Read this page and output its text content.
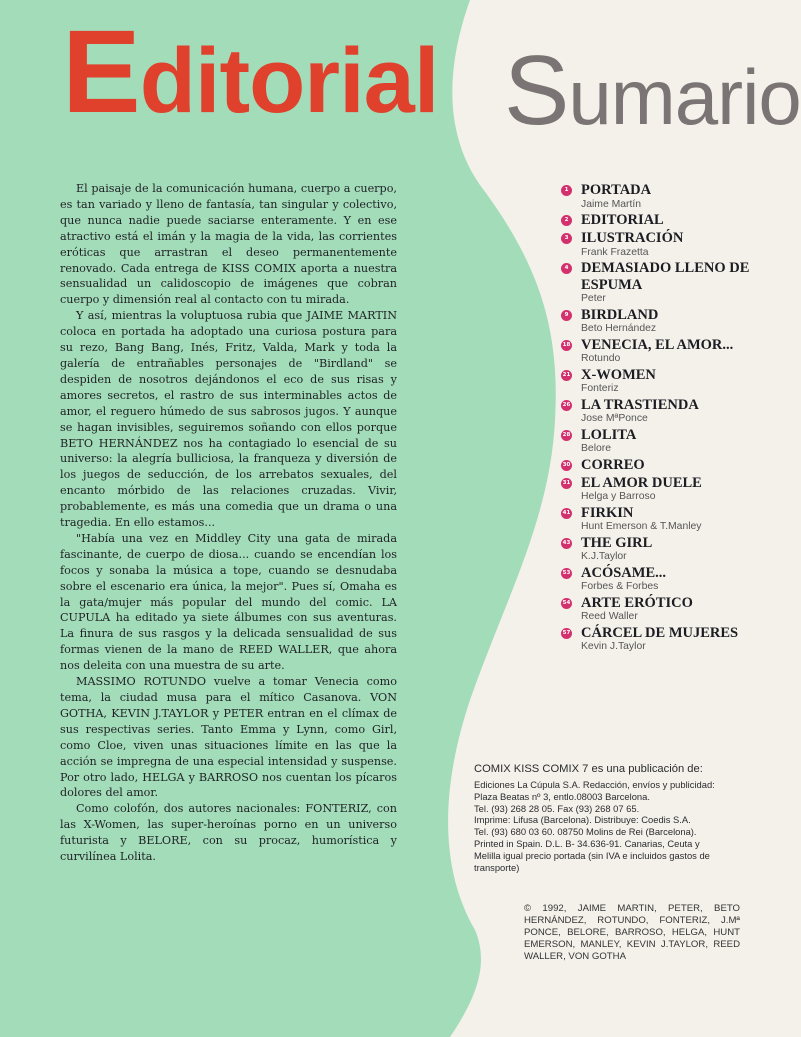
Editorial Sumario

El paisaje de la comunicación humana, cuerpo a cuerpo, es tan variado y lleno de fantasía, tan singular y colectivo, que nunca nadie puede saciarse enteramente. Y en ese atractivo está el imán y la magia de la vida, las corrientes eróticas que arrastran el deseo permanentemente renovado. Cada entrega de KISS COMIX aporta a nuestra sensualidad un calidoscopio de imágenes que cobran cuerpo y dimensión real al contacto con tu mirada.

Y así, mientras la voluptuosa rubia que JAIME MARTIN coloca en portada ha adoptado una curiosa postura para su rezo, Bang Bang, Inés, Fritz, Valda, Mark y toda la galería de entrañables personajes de "Birdland" se despiden de nosotros dejándonos el eco de sus risas y amores secretos, el rastro de sus interminables actos de amor, el reguero húmedo de sus sabrosos jugos. Y aunque se hagan invisibles, seguiremos soñando con ellos porque BETO HERNÁNDEZ nos ha contagiado lo esencial de su universo: la alegría bulliciosa, la franqueza y diversión de los juegos de seducción, de los arrebatos sexuales, del encanto mórbido de las relaciones cruzadas. Vivir, probablemente, es más una comedia que un drama o una tragedia. En ello estamos...

"Había una vez en Middley City una gata de mirada fascinante, de cuerpo de diosa... cuando se encendían los focos y sonaba la música a tope, cuando se desnudaba sobre el escenario era única, la mejor". Pues sí, Omaha es la gata/mujer más popular del mundo del comic. LA CUPULA ha editado ya siete álbumes con sus aventuras. La finura de sus rasgos y la delicada sensualidad de sus formas vienen de la mano de REED WALLER, que ahora nos deleita con una muestra de su arte.

MASSIMO ROTUNDO vuelve a tomar Venecia como tema, la ciudad musa para el mítico Casanova. VON GOTHA, KEVIN J.TAYLOR y PETER entran en el clímax de sus respectivas series. Tanto Emma y Lynn, como Girl, como Cloe, viven unas situaciones límite en las que la acción se impregna de una especial intensidad y suspense. Por otro lado, HELGA y BARROSO nos cuentan los pícaros dolores del amor.

Como colofón, dos autores nacionales: FONTERIZ, con las X-Women, las super-heroínas porno en un universo futurista y BELORE, con su procaz, humorística y curvilínea Lolita.

1 PORTADA
Jaime Martín
2 EDITORIAL
3 ILUSTRACIÓN
Frank Frazetta
4 DEMASIADO LLENO DE ESPUMA
Peter
9 BIRDLAND
Beto Hernández
18 VENECIA, EL AMOR...
Rotundo
21 X-WOMEN
Fonteriz
26 LA TRASTIENDA
Jose MªPonce
28 LOLITA
Belore
30 CORREO
31 EL AMOR DUELE
Helga y Barroso
41 FIRKIN
Hunt Emerson & T.Manley
43 THE GIRL
K.J.Taylor
53 ACÓSAME...
Forbes & Forbes
54 ARTE ERÓTICO
Reed Waller
57 CÁRCEL DE MUJERES
Kevin J.Taylor
COMIX KISS COMIX 7 es una publicación de:
Ediciones La Cúpula S.A. Redacción, envíos y publicidad:
Plaza Beatas nº 3, entlo.08003 Barcelona.
Tel. (93) 268 28 05. Fax (93) 268 07 65.
Imprime: Lifusa (Barcelona). Distribuye: Coedis S.A.
Tel. (93) 680 03 60. 08750 Molins de Rei (Barcelona).
Printed in Spain. D.L. B- 34.636-91. Canarias, Ceuta y
Melilla igual precio portada (sin IVA e incluidos gastos de
transporte)
© 1992, JAIME MARTIN, PETER, BETO HERNÁNDEZ, ROTUNDO, FONTERIZ, J.Mª PONCE, BELORE, BARROSO, HELGA, HUNT EMERSON, MANLEY, KEVIN J.TAYLOR, REED WALLER, VON GOTHA
